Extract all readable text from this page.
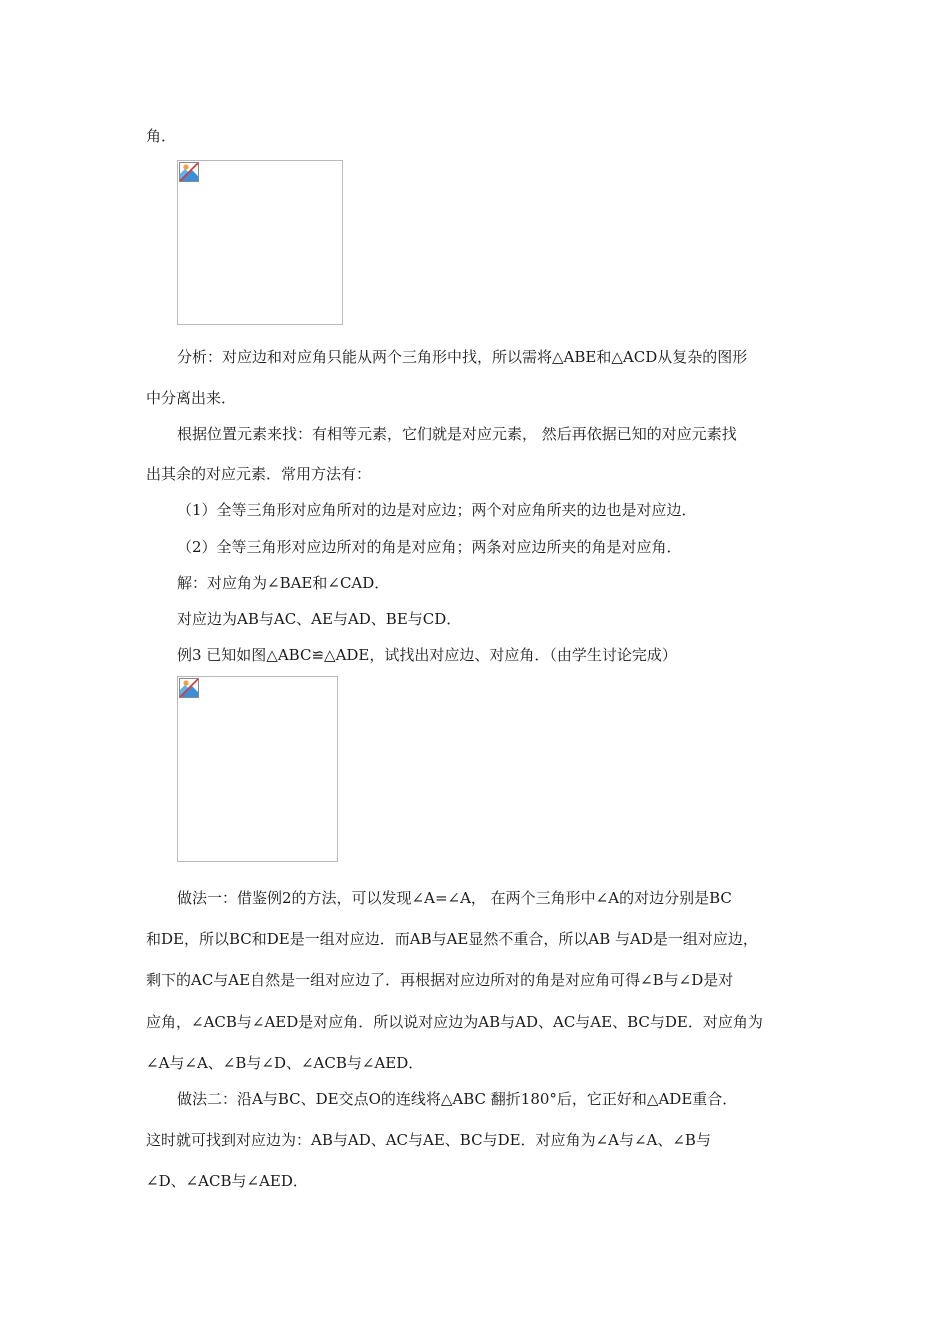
角．
分析：对应边和对应角只能从两个三角形中找，所以需将△ABE和△ACD从复杂的图形
中分离出来．
根据位置元素来找：有相等元素，它们就是对应元素， 然后再依据已知的对应元素找
出其余的对应元素．常用方法有：
（1）全等三角形对应角所对的边是对应边；两个对应角所夹的边也是对应边．
（2）全等三角形对应边所对的角是对应角；两条对应边所夹的角是对应角．
解：对应角为∠BAE和∠CAD．
对应边为AB与AC、AE与AD、BE与CD．
例3 已知如图△ABC≌△ADE，试找出对应边、对应角．（由学生讨论完成）
做法一：借鉴例2的方法，可以发现∠A=∠A， 在两个三角形中∠A的对边分别是BC
和DE，所以BC和DE是一组对应边．而AB与AE显然不重合，所以AB 与AD是一组对应边，
剩下的AC与AE自然是一组对应边了．再根据对应边所对的角是对应角可得∠B与∠D是对
应角，∠ACB与∠AED是对应角．所以说对应边为AB与AD、AC与AE、BC与DE．对应角为
∠A与∠A、∠B与∠D、∠ACB与∠AED．
做法二：沿A与BC、DE交点O的连线将△ABC 翻折180°后，它正好和△ADE重合．
这时就可找到对应边为：AB与AD、AC与AE、BC与DE．对应角为∠A与∠A、∠B与
∠D、∠ACB与∠AED．
